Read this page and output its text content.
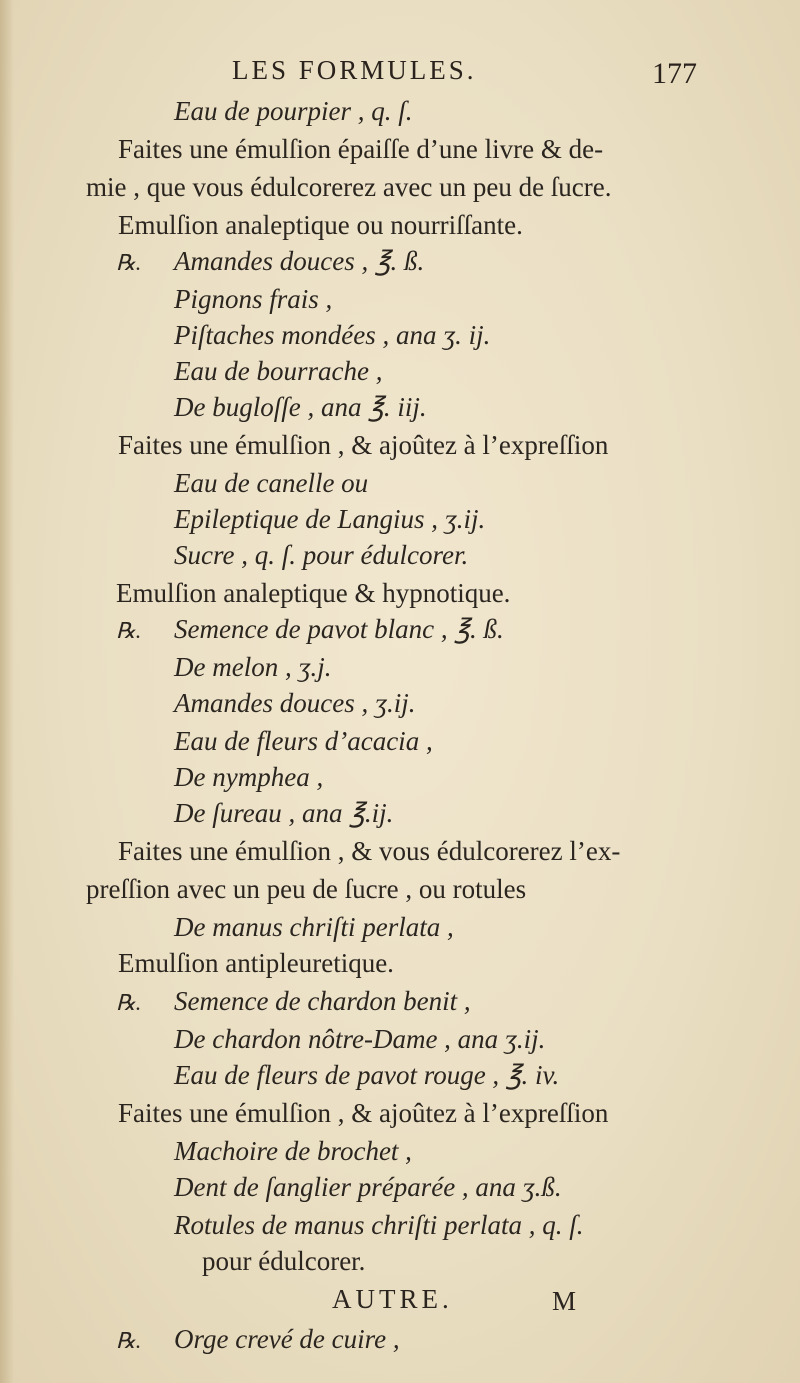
LES FORMULES.	177
Eau de pourpier , q. ſ.
Faites une émulſion épaiſſe d’une livre & de-
mie , que vous édulcorerez avec un peu de ſucre.
Emulſion analeptique ou nourriſſante.
℞. Amandes douces , ℥. ß.
Pignons frais ,
Piſtaches mondées , ana ʒ. ij.
Eau de bourrache ,
De bugloſſe , ana ℥. iij.
Faites une émulſion , & ajoûtez à l’expreſſion
Eau de canelle ou
Epileptique de Langius , ʒ.ij.
Sucre , q. ſ. pour édulcorer.
Emulſion analeptique & hypnotique.
℞. Semence de pavot blanc , ℥. ß.
De melon , ʒ.j.
Amandes douces , ʒ.ij.
Eau de fleurs d’acacia ,
De nymphea ,
De ſureau , ana ℥.ij.
Faites une émulſion , & vous édulcorerez l’ex-
preſſion avec un peu de ſucre , ou rotules
De manus chriſti perlata ,
Emulſion antipleuretique.
℞. Semence de chardon benit ,
De chardon nôtre-Dame , ana ʒ.ij.
Eau de fleurs de pavot rouge , ℥. iv.
Faites une émulſion , & ajoûtez à l’expreſſion
Machoire de brochet ,
Dent de ſanglier préparée , ana ʒ.ß.
Rotules de manus chriſti perlata , q. ſ.
pour édulcorer.
AUTRE.
℞. Orge crevé de cuire ,
M
